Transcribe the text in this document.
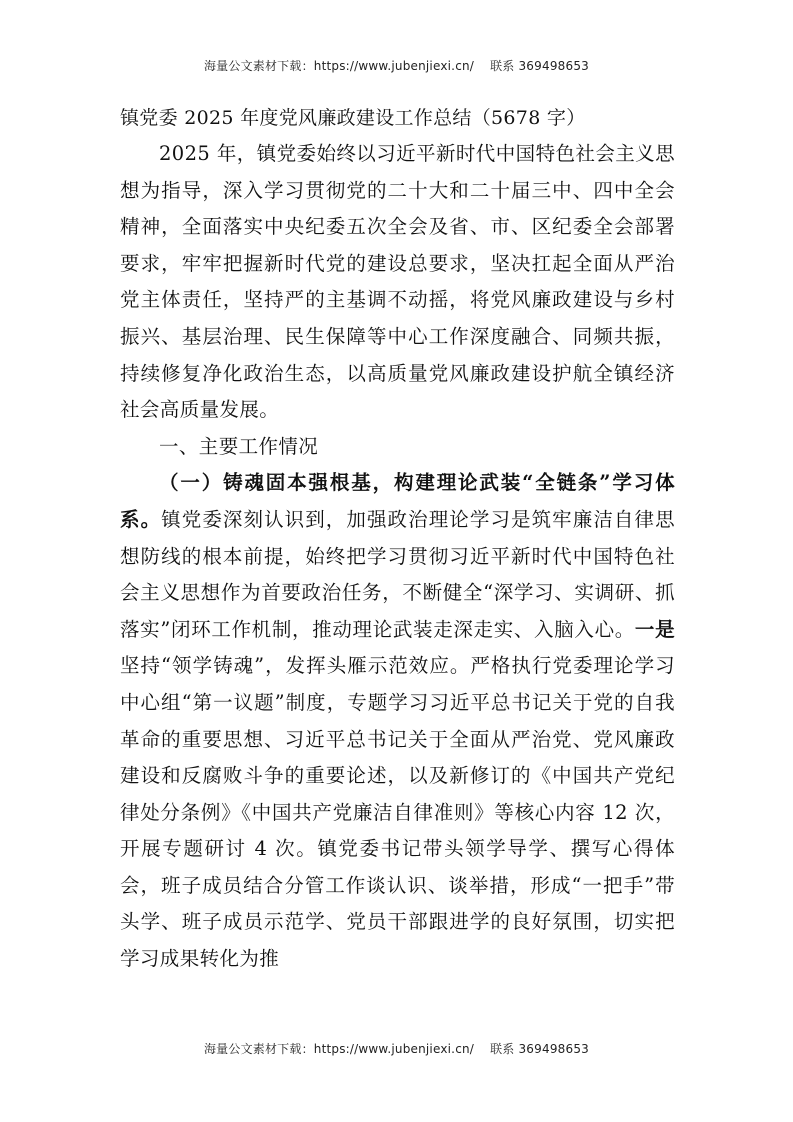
海量公文素材下载：https://www.jubenjiexi.cn/ 联系 369498653

镇党委 2025 年度党风廉政建设工作总结（5678 字）

2025 年，镇党委始终以习近平新时代中国特色社会主义思想为指导，深入学习贯彻党的二十大和二十届三中、四中全会精神，全面落实中央纪委五次全会及省、市、区纪委全会部署要求，牢牢把握新时代党的建设总要求，坚决扛起全面从严治党主体责任，坚持严的主基调不动摇，将党风廉政建设与乡村振兴、基层治理、民生保障等中心工作深度融合、同频共振，持续修复净化政治生态，以高质量党风廉政建设护航全镇经济社会高质量发展。

一、主要工作情况

（一）铸魂固本强根基，构建理论武装“全链条”学习体系。镇党委深刻认识到，加强政治理论学习是筑牢廉洁自律思想防线的根本前提，始终把学习贯彻习近平新时代中国特色社会主义思想作为首要政治任务，不断健全“深学习、实调研、抓落实”闭环工作机制，推动理论武装走深走实、入脑入心。一是坚持“领学铸魂”，发挥头雁示范效应。严格执行党委理论学习中心组“第一议题”制度，专题学习习近平总书记关于党的自我革命的重要思想、习近平总书记关于全面从严治党、党风廉政建设和反腐败斗争的重要论述，以及新修订的《中国共产党纪律处分条例》《中国共产党廉洁自律准则》等核心内容 12 次，开展专题研讨 4 次。镇党委书记带头领学导学、撰写心得体会，班子成员结合分管工作谈认识、谈举措，形成“一把手”带头学、班子成员示范学、党员干部跟进学的良好氛围，切实把学习成果转化为推

海量公文素材下载：https://www.jubenjiexi.cn/ 联系 369498653
